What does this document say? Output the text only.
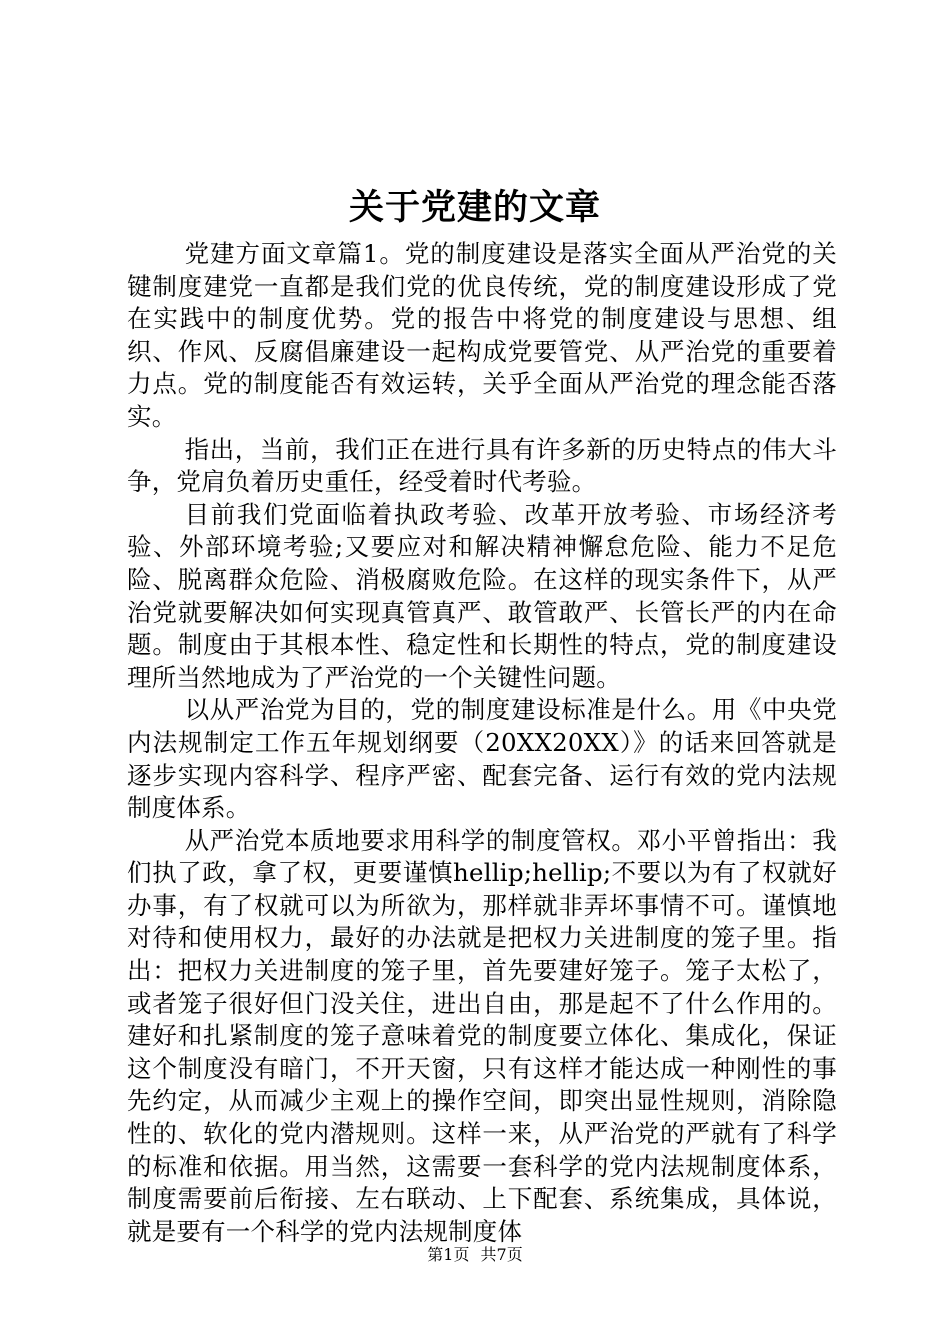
关于党建的文章

党建方面文章篇1。党的制度建设是落实全面从严治党的关键制度建党一直都是我们党的优良传统，党的制度建设形成了党在实践中的制度优势。党的报告中将党的制度建设与思想、组织、作风、反腐倡廉建设一起构成党要管党、从严治党的重要着力点。党的制度能否有效运转，关乎全面从严治党的理念能否落实。

指出，当前，我们正在进行具有许多新的历史特点的伟大斗争，党肩负着历史重任，经受着时代考验。

目前我们党面临着执政考验、改革开放考验、市场经济考验、外部环境考验;又要应对和解决精神懈怠危险、能力不足危险、脱离群众危险、消极腐败危险。在这样的现实条件下，从严治党就要解决如何实现真管真严、敢管敢严、长管长严的内在命题。制度由于其根本性、稳定性和长期性的特点，党的制度建设理所当然地成为了严治党的一个关键性问题。

以从严治党为目的，党的制度建设标准是什么。用《中央党内法规制定工作五年规划纲要（20XX20XX）》的话来回答就是逐步实现内容科学、程序严密、配套完备、运行有效的党内法规制度体系。

从严治党本质地要求用科学的制度管权。邓小平曾指出：我们执了政，拿了权，更要谨慎hellip;hellip;不要以为有了权就好办事，有了权就可以为所欲为，那样就非弄坏事情不可。谨慎地对待和使用权力，最好的办法就是把权力关进制度的笼子里。指出：把权力关进制度的笼子里，首先要建好笼子。笼子太松了，或者笼子很好但门没关住，进出自由，那是起不了什么作用的。建好和扎紧制度的笼子意味着党的制度要立体化、集成化，保证这个制度没有暗门，不开天窗，只有这样才能达成一种刚性的事先约定，从而减少主观上的操作空间，即突出显性规则，消除隐性的、软化的党内潜规则。这样一来，从严治党的严就有了科学的标准和依据。用当然，这需要一套科学的党内法规制度体系，制度需要前后衔接、左右联动、上下配套、系统集成，具体说，就是要有一个科学的党内法规制度体

第1页 共7页
